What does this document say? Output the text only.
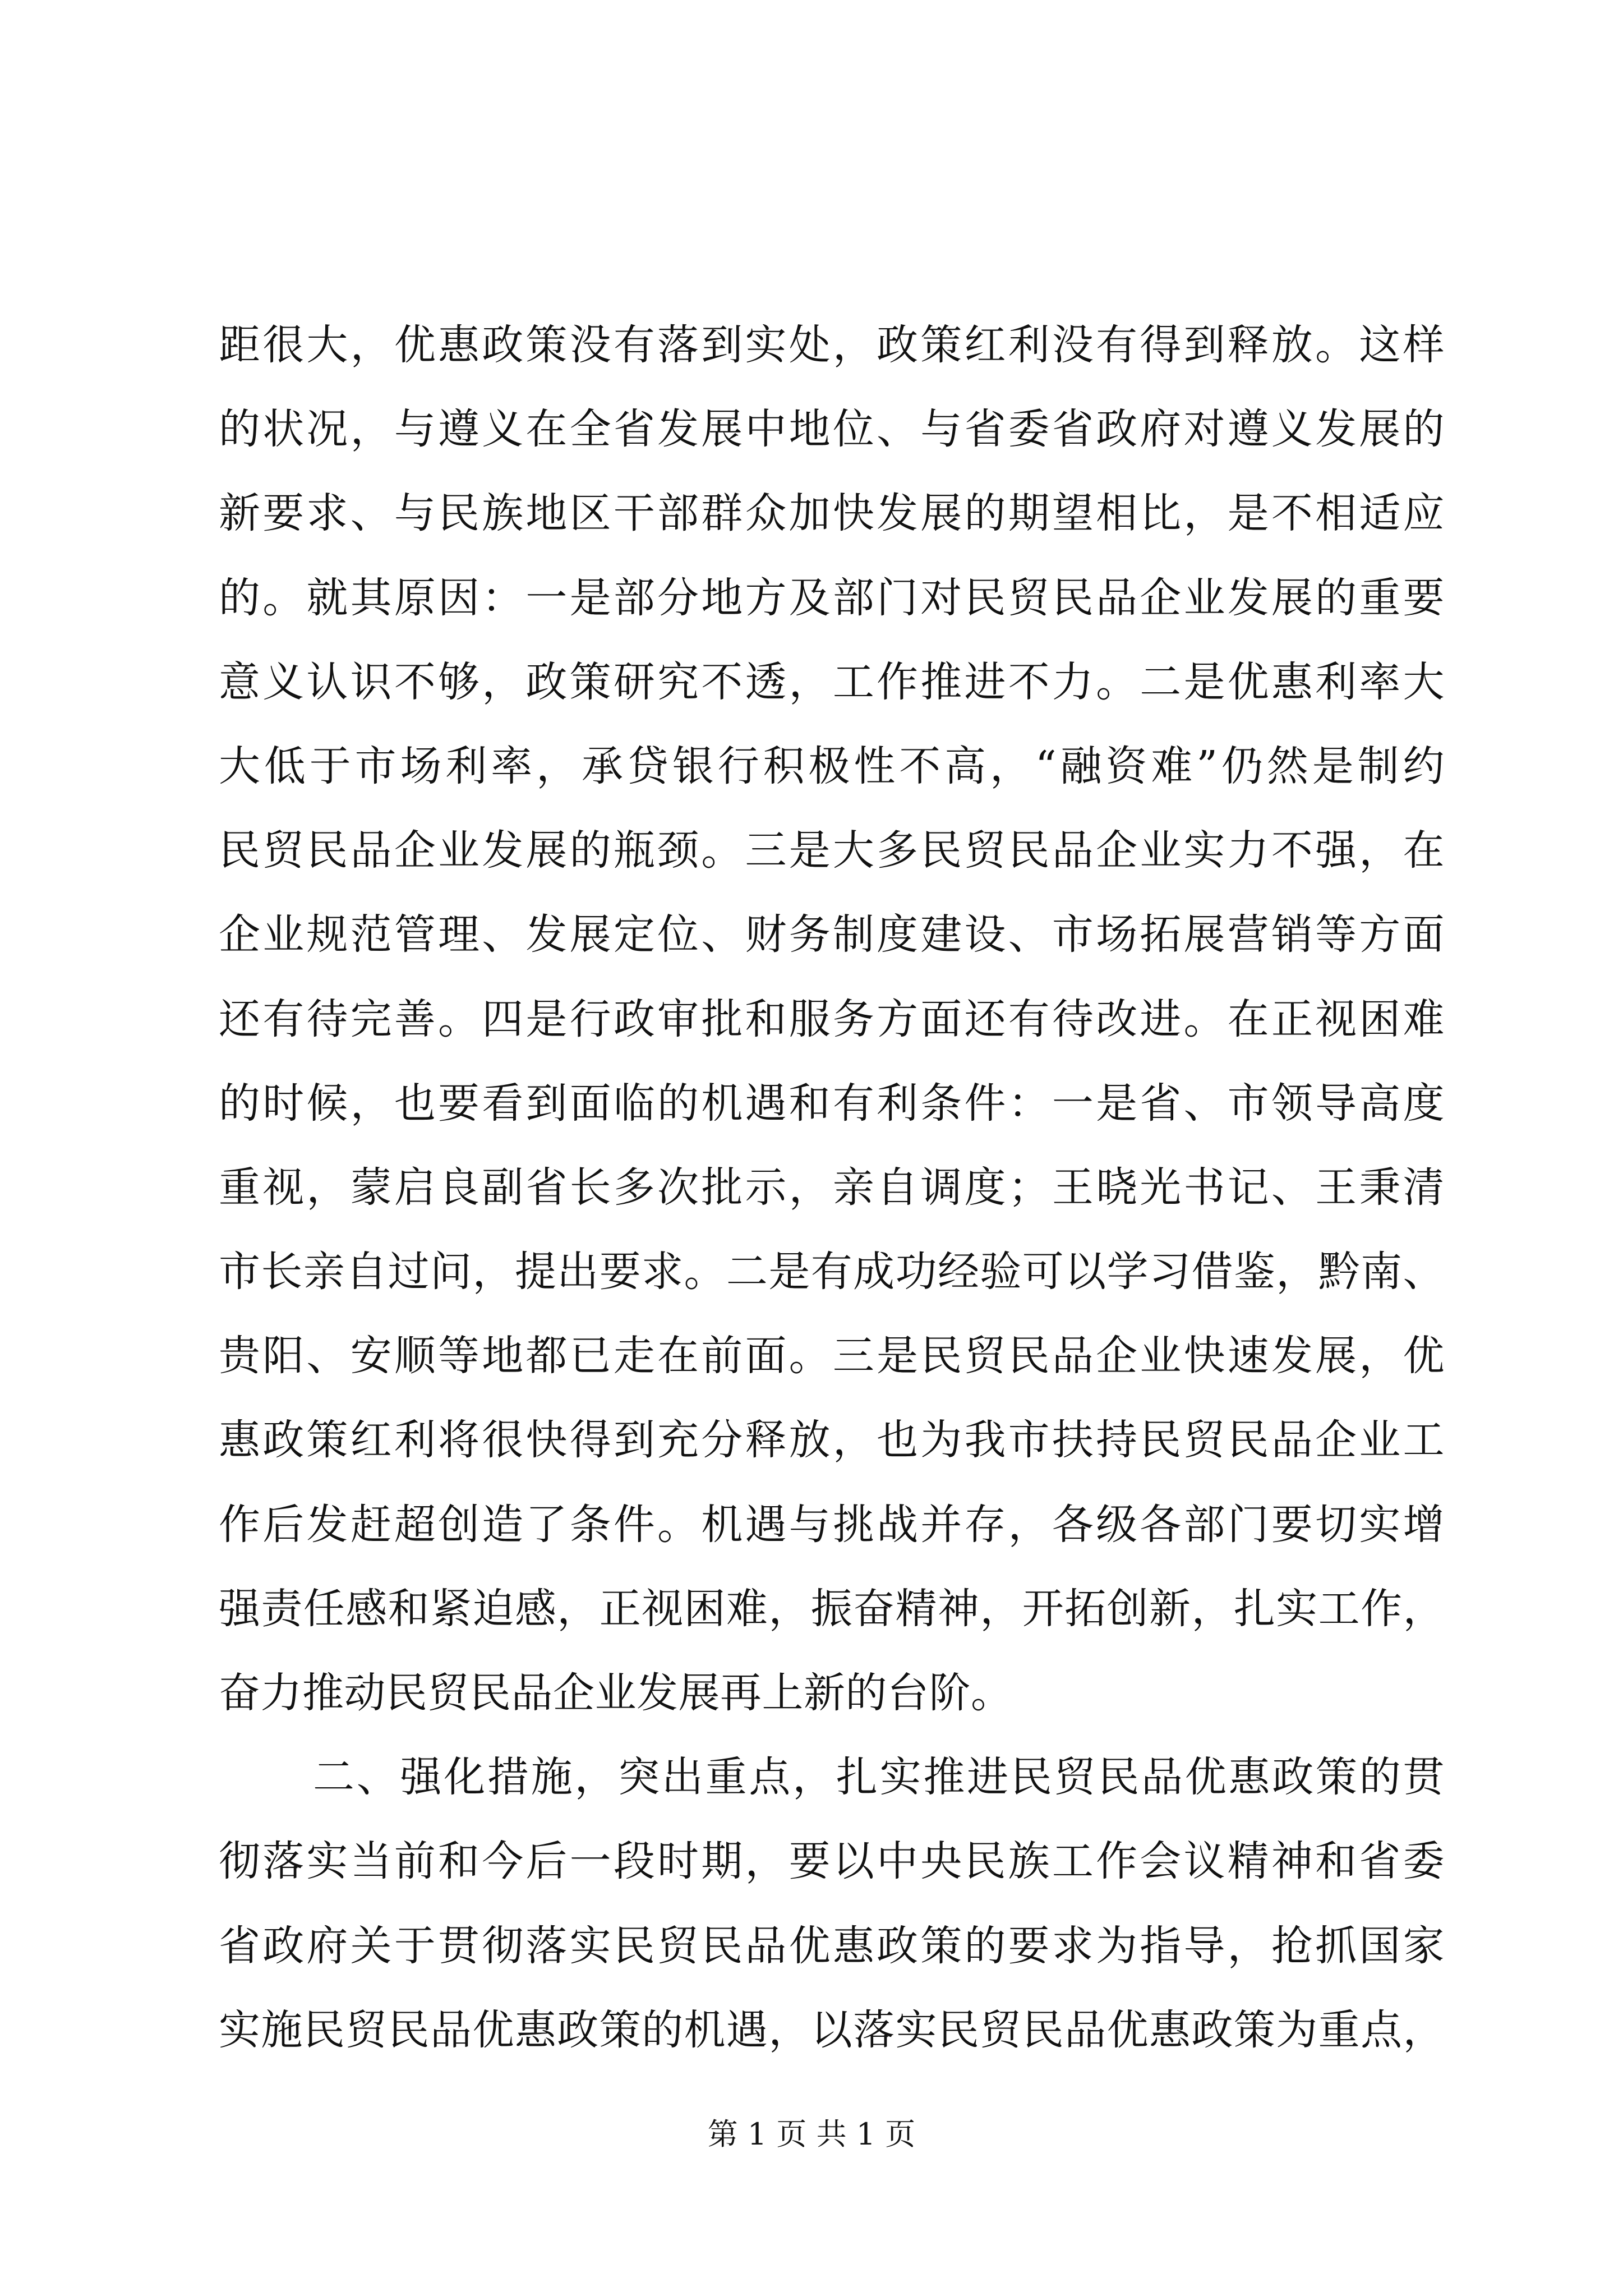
距很大，优惠政策没有落到实处，政策红利没有得到释放。这样
的状况，与遵义在全省发展中地位、与省委省政府对遵义发展的
新要求、与民族地区干部群众加快发展的期望相比，是不相适应
的。就其原因：一是部分地方及部门对民贸民品企业发展的重要
意义认识不够，政策研究不透，工作推进不力。二是优惠利率大
大低于市场利率，承贷银行积极性不高，“融资难”仍然是制约
民贸民品企业发展的瓶颈。三是大多民贸民品企业实力不强，在
企业规范管理、发展定位、财务制度建设、市场拓展营销等方面
还有待完善。四是行政审批和服务方面还有待改进。在正视困难
的时候，也要看到面临的机遇和有利条件：一是省、市领导高度
重视，蒙启良副省长多次批示，亲自调度；王晓光书记、王秉清
市长亲自过问，提出要求。二是有成功经验可以学习借鉴，黔南、
贵阳、安顺等地都已走在前面。三是民贸民品企业快速发展，优
惠政策红利将很快得到充分释放，也为我市扶持民贸民品企业工
作后发赶超创造了条件。机遇与挑战并存，各级各部门要切实增
强责任感和紧迫感，正视困难，振奋精神，开拓创新，扎实工作，
奋力推动民贸民品企业发展再上新的台阶。
二、强化措施，突出重点，扎实推进民贸民品优惠政策的贯
彻落实当前和今后一段时期，要以中央民族工作会议精神和省委
省政府关于贯彻落实民贸民品优惠政策的要求为指导，抢抓国家
实施民贸民品优惠政策的机遇，以落实民贸民品优惠政策为重点，
第 1 页 共 1 页
